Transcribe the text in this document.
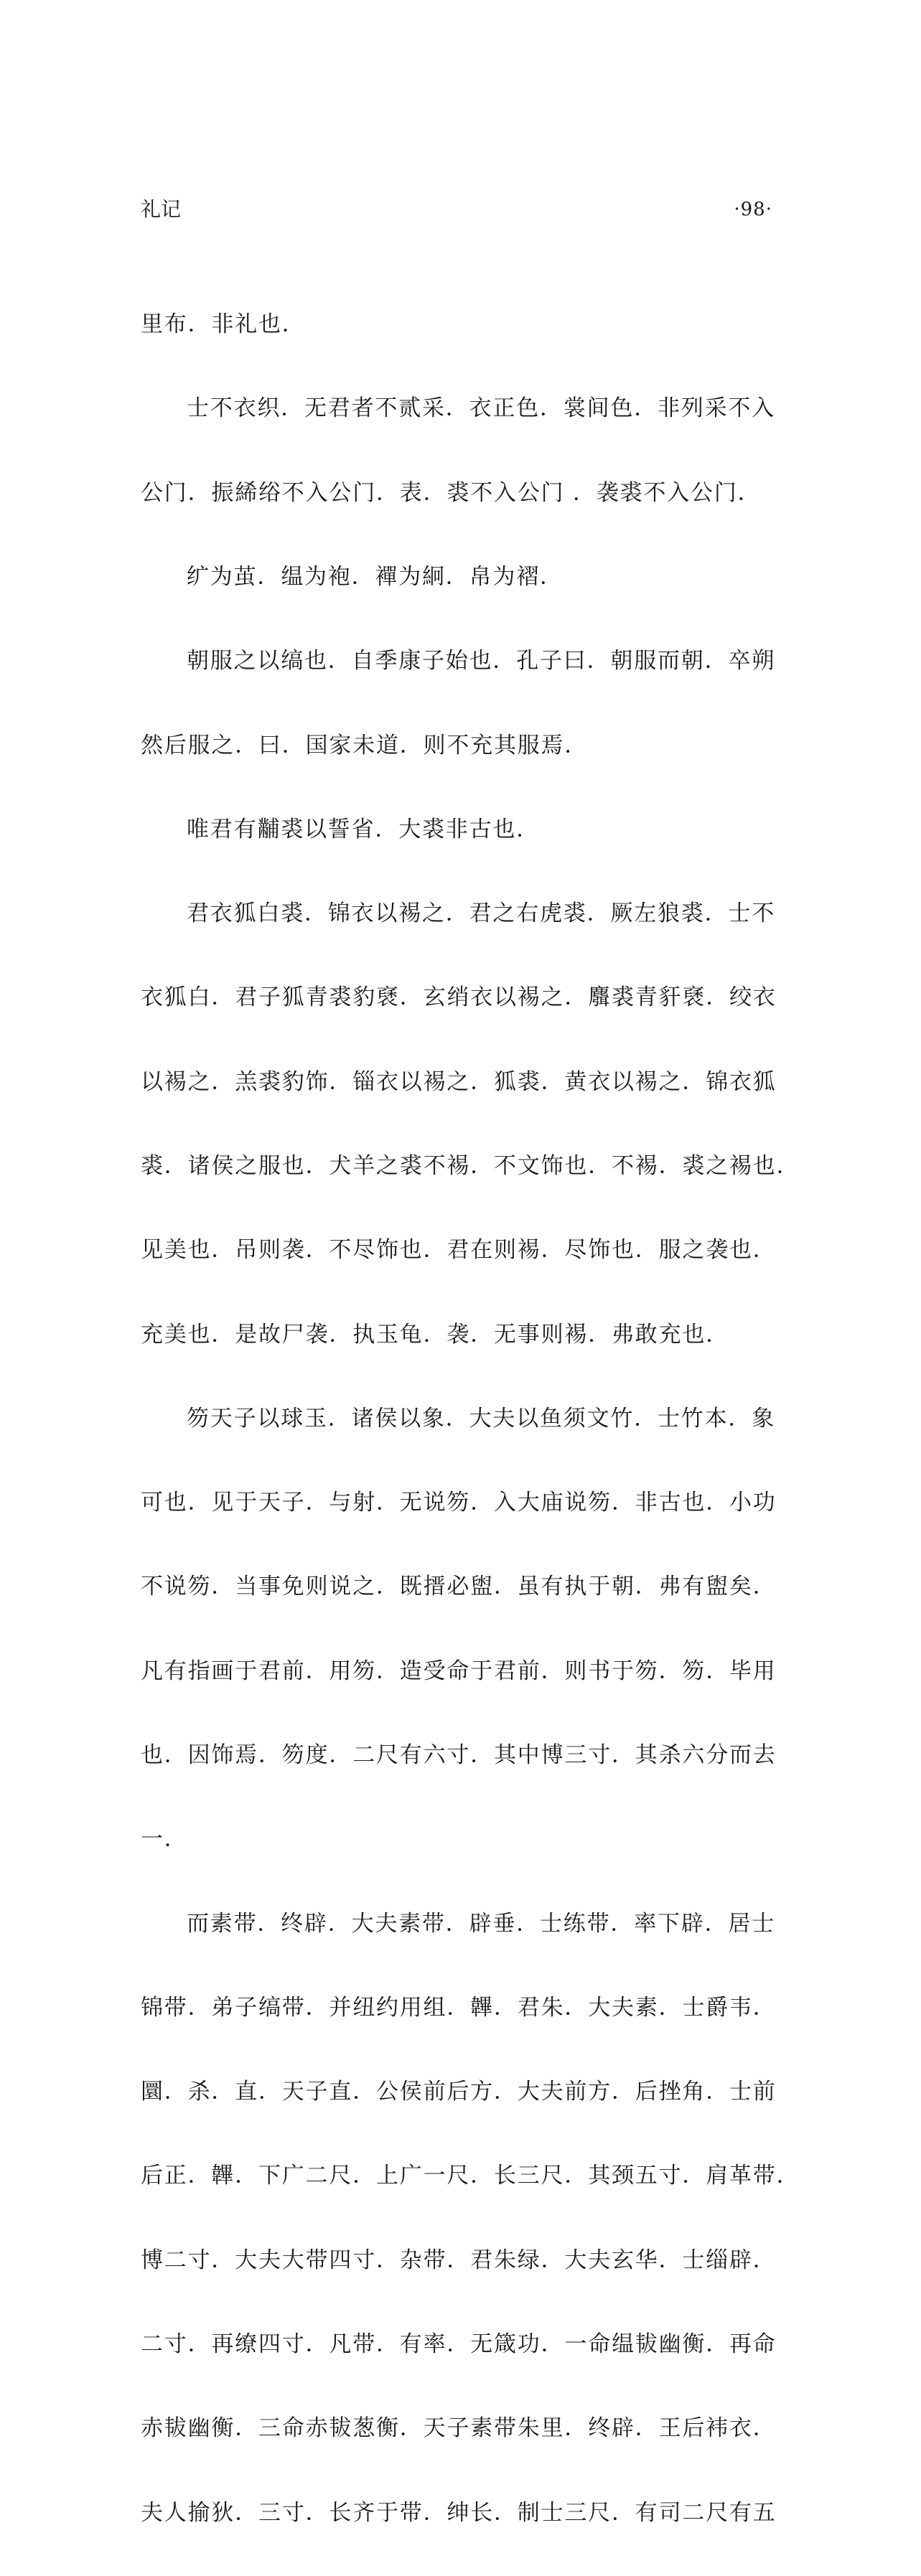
礼记	·98·

里布．非礼也．

士不衣织．无君者不贰采．衣正色．裳间色．非列采不入

公门．振絺绤不入公门．表．裘不入公门 ．袭裘不入公门．

纩为茧．缊为袍．襌为絅．帛为褶．

朝服之以缟也．自季康子始也．孔子曰．朝服而朝．卒朔

然后服之．曰．国家未道．则不充其服焉．

唯君有黼裘以誓省．大裘非古也．

君衣狐白裘．锦衣以裼之．君之右虎裘．厥左狼裘．士不

衣狐白．君子狐青裘豹褎．玄绡衣以裼之．麛裘青豻褎．绞衣

以裼之．羔裘豹饰．锱衣以裼之．狐裘．黄衣以裼之．锦衣狐

裘．诸侯之服也．犬羊之裘不裼．不文饰也．不裼．裘之裼也．

见美也．吊则袭．不尽饰也．君在则裼．尽饰也．服之袭也．

充美也．是故尸袭．执玉龟．袭．无事则裼．弗敢充也．

笏天子以球玉．诸侯以象．大夫以鱼须文竹．士竹本．象

可也．见于天子．与射．无说笏．入大庙说笏．非古也．小功

不说笏．当事免则说之．既搢必盥．虽有执于朝．弗有盥矣．

凡有指画于君前．用笏．造受命于君前．则书于笏．笏．毕用

也．因饰焉．笏度．二尺有六寸．其中博三寸．其杀六分而去

一．

而素带．终辟．大夫素带．辟垂．士练带．率下辟．居士

锦带．弟子缟带．并纽约用组．韠．君朱．大夫素．士爵韦．

圜．杀．直．天子直．公侯前后方．大夫前方．后挫角．士前

后正．韠．下广二尺．上广一尺．长三尺．其颈五寸．肩革带．

博二寸．大夫大带四寸．杂带．君朱绿．大夫玄华．士缁辟．

二寸．再缭四寸．凡带．有率．无箴功．一命缊韨幽衡．再命

赤韨幽衡．三命赤韨葱衡．天子素带朱里．终辟．王后袆衣．

夫人揄狄．三寸．长齐于带．绅长．制士三尺．有司二尺有五
